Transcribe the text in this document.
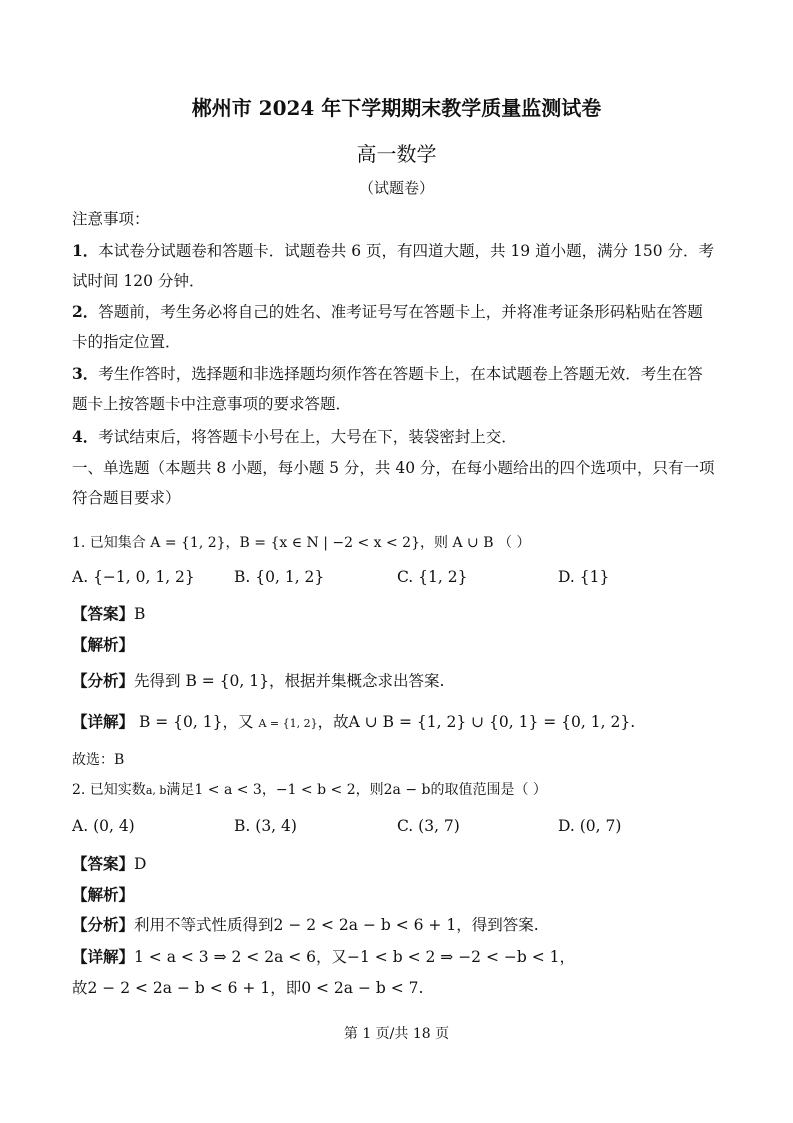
郴州市 2024 年下学期期末教学质量监测试卷
高一数学
（试题卷）
注意事项：
1．本试卷分试题卷和答题卡．试题卷共 6 页，有四道大题，共 19 道小题，满分 150 分．考
试时间 120 分钟．
2．答题前，考生务必将自己的姓名、准考证号写在答题卡上，并将准考证条形码粘贴在答题
卡的指定位置．
3．考生作答时，选择题和非选择题均须作答在答题卡上，在本试题卷上答题无效．考生在答
题卡上按答题卡中注意事项的要求答题．
4．考试结束后，将答题卡小号在上，大号在下，装袋密封上交．
一、单选题（本题共 8 小题，每小题 5 分，共 40 分，在每小题给出的四个选项中，只有一项
符合题目要求）
1. 已知集合 A = {1, 2}，B = {x ∈ N | −2 < x < 2}，则 A ∪ B （ ）
A. {−1, 0, 1, 2}	B. {0, 1, 2}	C. {1, 2}	D. {1}
【答案】B
【解析】
【分析】先得到 B = {0, 1}，根据并集概念求出答案.
【详解】 B = {0, 1}，又 A = {1, 2}，故A ∪ B = {1, 2} ∪ {0, 1} = {0, 1, 2}.
故选：B
2. 已知实数a, b满足1 < a < 3，−1 < b < 2，则2a − b的取值范围是（ ）
A. (0, 4)	B. (3, 4)	C. (3, 7)	D. (0, 7)
【答案】D
【解析】
【分析】利用不等式性质得到2 − 2 < 2a − b < 6 + 1，得到答案.
【详解】1 < a < 3 ⇒ 2 < 2a < 6，又−1 < b < 2 ⇒ −2 < −b < 1，
故2 − 2 < 2a − b < 6 + 1，即0 < 2a − b < 7.
第 1 页/共 18 页
